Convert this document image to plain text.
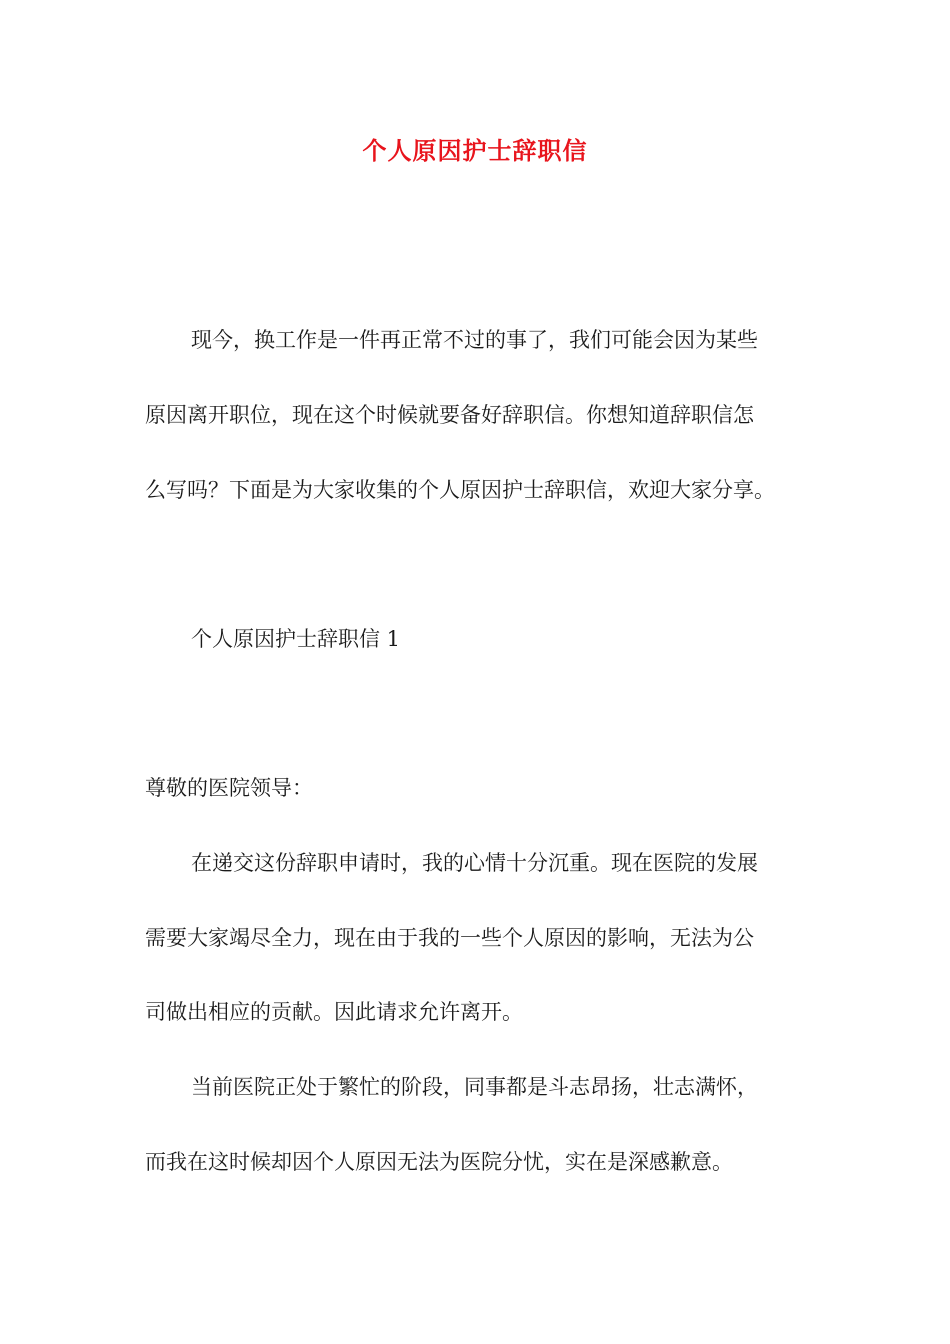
个人原因护士辞职信
现今，换工作是一件再正常不过的事了，我们可能会因为某些
原因离开职位，现在这个时候就要备好辞职信。你想知道辞职信怎
么写吗？下面是为大家收集的个人原因护士辞职信，欢迎大家分享。
个人原因护士辞职信 1
尊敬的医院领导：
在递交这份辞职申请时，我的心情十分沉重。现在医院的发展
需要大家竭尽全力，现在由于我的一些个人原因的影响，无法为公
司做出相应的贡献。因此请求允许离开。
当前医院正处于繁忙的阶段，同事都是斗志昂扬，壮志满怀，
而我在这时候却因个人原因无法为医院分忧，实在是深感歉意。
